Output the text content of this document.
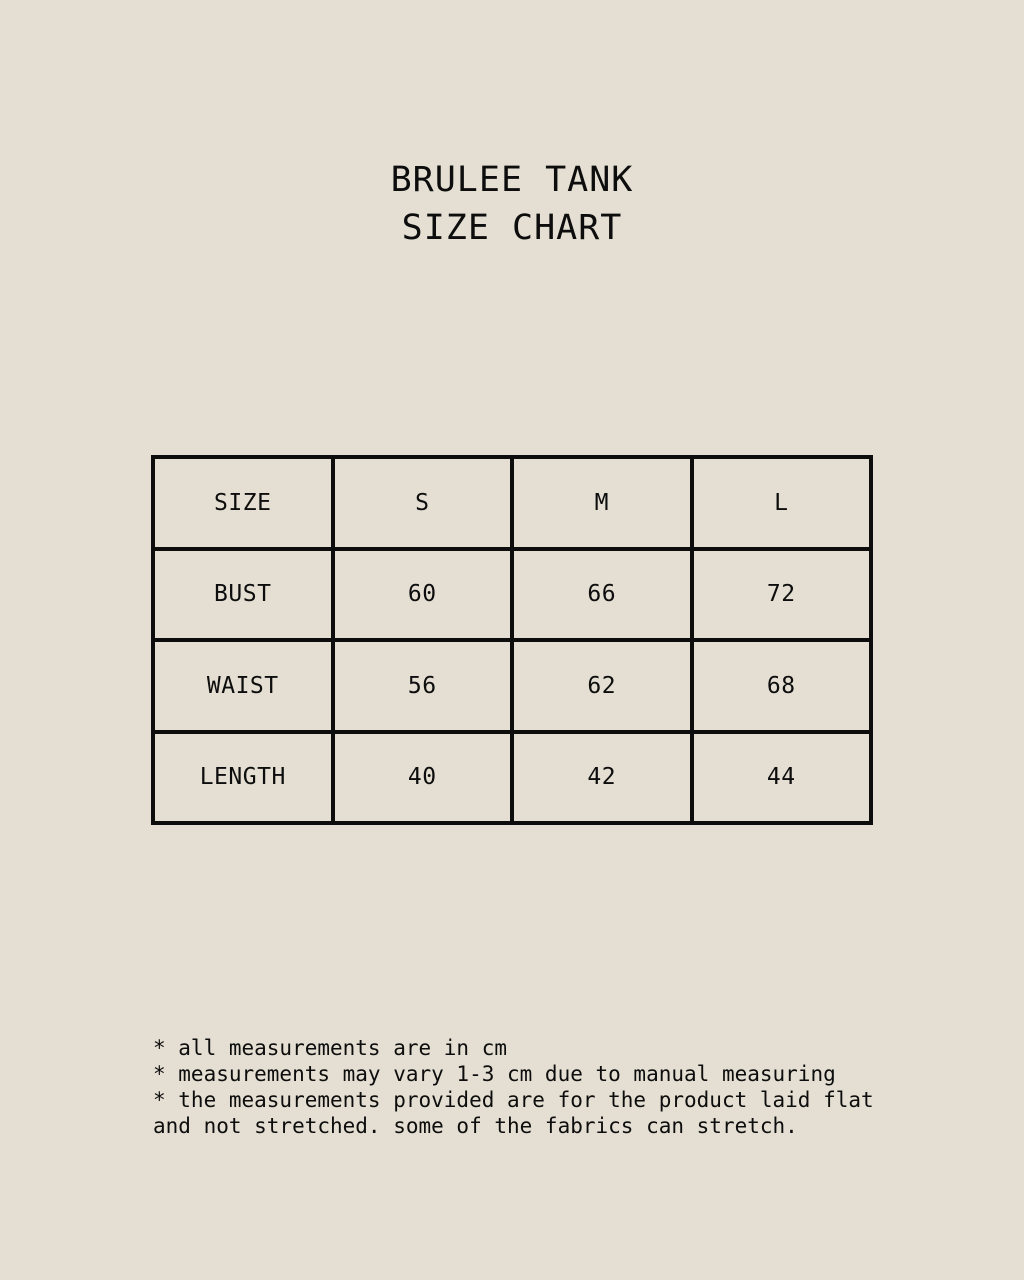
BRULEE TANK
SIZE CHART
SIZE	S	M	L
BUST	60	66	72
WAIST	56	62	68
LENGTH	40	42	44
* all measurements are in cm
* measurements may vary 1-3 cm due to manual measuring
* the measurements provided are for the product laid flat
and not stretched. some of the fabrics can stretch.
